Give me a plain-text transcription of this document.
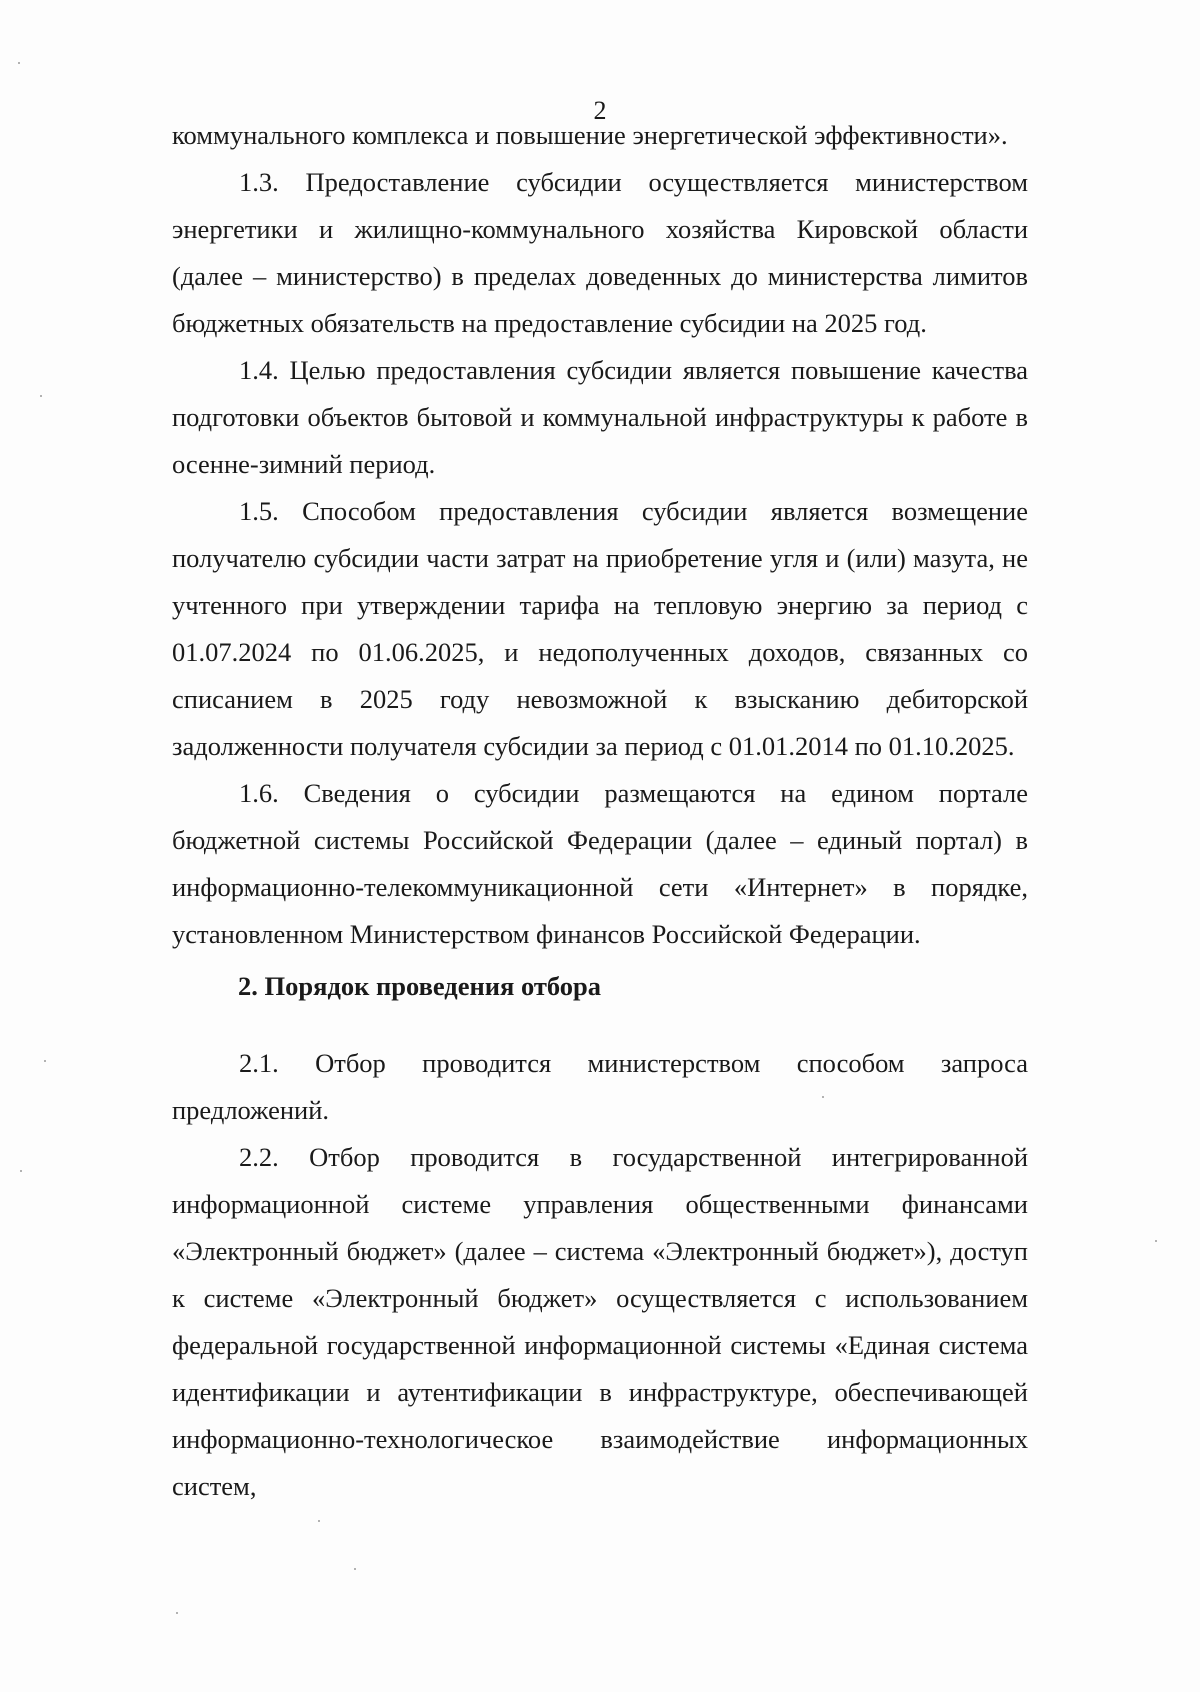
2

коммунального комплекса и повышение энергетической эффективности».

1.3. Предоставление субсидии осуществляется министерством энергетики и жилищно-коммунального хозяйства Кировской области (далее – министерство) в пределах доведенных до министерства лимитов бюджетных обязательств на предоставление субсидии на 2025 год.

1.4. Целью предоставления субсидии является повышение качества подготовки объектов бытовой и коммунальной инфраструктуры к работе в осенне-зимний период.

1.5. Способом предоставления субсидии является возмещение получателю субсидии части затрат на приобретение угля и (или) мазута, не учтенного при утверждении тарифа на тепловую энергию за период с 01.07.2024 по 01.06.2025, и недополученных доходов, связанных со списанием в 2025 году невозможной к взысканию дебиторской задолженности получателя субсидии за период с 01.01.2014 по 01.10.2025.

1.6. Сведения о субсидии размещаются на едином портале бюджетной системы Российской Федерации (далее – единый портал) в информационно-телекоммуникационной сети «Интернет» в порядке, установленном Министерством финансов Российской Федерации.

2. Порядок проведения отбора

2.1. Отбор проводится министерством способом запроса предложений.

2.2. Отбор проводится в государственной интегрированной информационной системе управления общественными финансами «Электронный бюджет» (далее – система «Электронный бюджет»), доступ к системе «Электронный бюджет» осуществляется с использованием федеральной государственной информационной системы «Единая система идентификации и аутентификации в инфраструктуре, обеспечивающей информационно-технологическое взаимодействие информационных систем,
